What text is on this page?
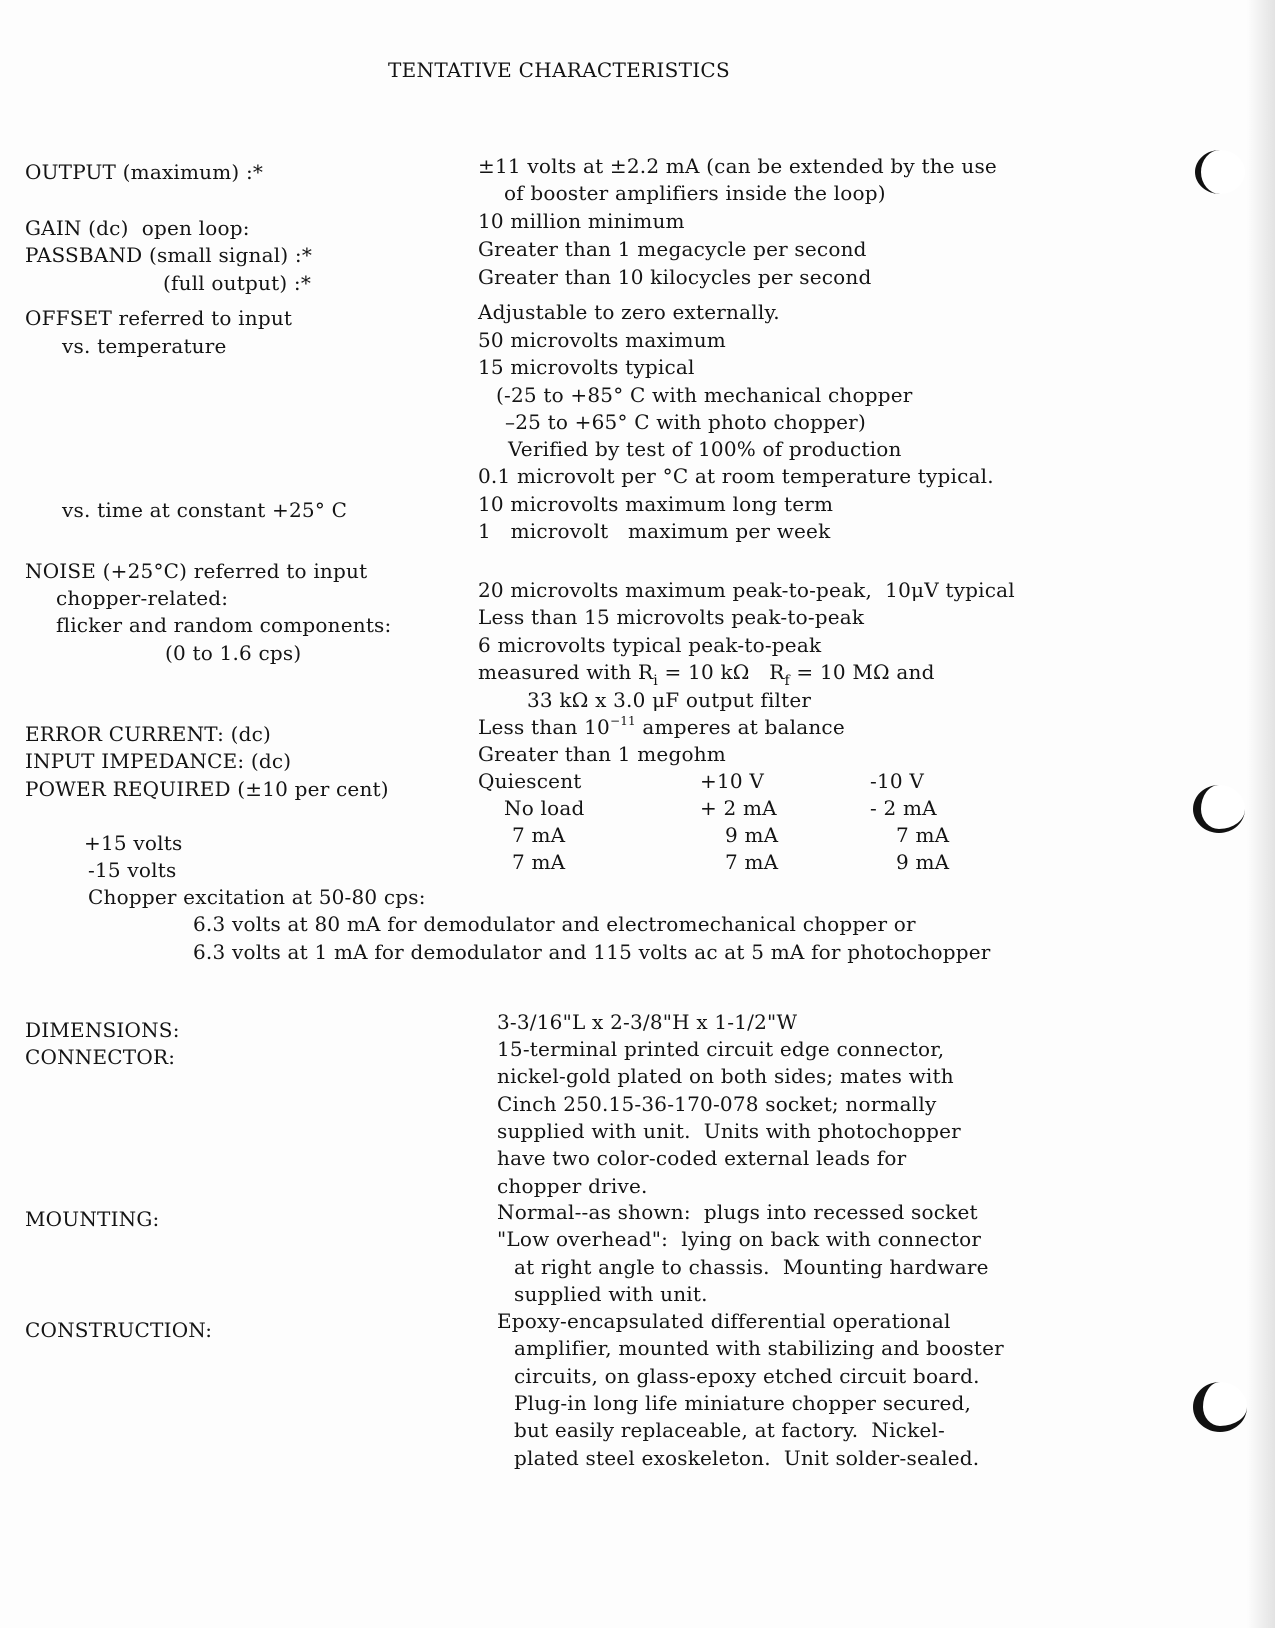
TENTATIVE CHARACTERISTICS
OUTPUT (maximum) :*	±11 volts at ±2.2 mA (can be extended by the use
of booster amplifiers inside the loop)
GAIN (dc)  open loop:	10 million minimum
PASSBAND (small signal) :*	Greater than 1 megacycle per second
(full output) :*	Greater than 10 kilocycles per second
OFFSET referred to input	Adjustable to zero externally.
vs. temperature	50 microvolts maximum
15 microvolts typical
(-25 to +85° C with mechanical chopper
–25 to +65° C with photo chopper)
Verified by test of 100% of production
0.1 microvolt per °C at room temperature typical.
vs. time at constant +25° C	10 microvolts maximum long term
1   microvolt   maximum per week
NOISE (+25°C) referred to input
chopper-related:	20 microvolts maximum peak-to-peak,  10μV typical
flicker and random components:	Less than 15 microvolts peak-to-peak
(0 to 1.6 cps)	6 microvolts typical peak-to-peak
measured with $R_i = 10$ kΩ   $R_f = 10$ MΩ and
33 kΩ x 3.0 μF output filter
ERROR CURRENT: (dc)	Less than $10^{-11}$ amperes at balance
INPUT IMPEDANCE: (dc)	Greater than 1 megohm
POWER REQUIRED (±10 per cent)	Quiescent	+10 V	-10 V
No load	+ 2 mA	- 2 mA
+15 volts	7 mA	9 mA	7 mA
-15 volts	7 mA	7 mA	9 mA
Chopper excitation at 50-80 cps:
6.3 volts at 80 mA for demodulator and electromechanical chopper or
6.3 volts at 1 mA for demodulator and 115 volts ac at 5 mA for photochopper
DIMENSIONS:	3-3/16"L x 2-3/8"H x 1-1/2"W
CONNECTOR:	15-terminal printed circuit edge connector,
nickel-gold plated on both sides; mates with
Cinch 250.15-36-170-078 socket; normally
supplied with unit.  Units with photochopper
have two color-coded external leads for
chopper drive.
MOUNTING:	Normal--as shown:  plugs into recessed socket
"Low overhead":  lying on back with connector
at right angle to chassis.  Mounting hardware
supplied with unit.
CONSTRUCTION:	Epoxy-encapsulated differential operational
amplifier, mounted with stabilizing and booster
circuits, on glass-epoxy etched circuit board.
Plug-in long life miniature chopper secured,
but easily replaceable, at factory.  Nickel-
plated steel exoskeleton.  Unit solder-sealed.
